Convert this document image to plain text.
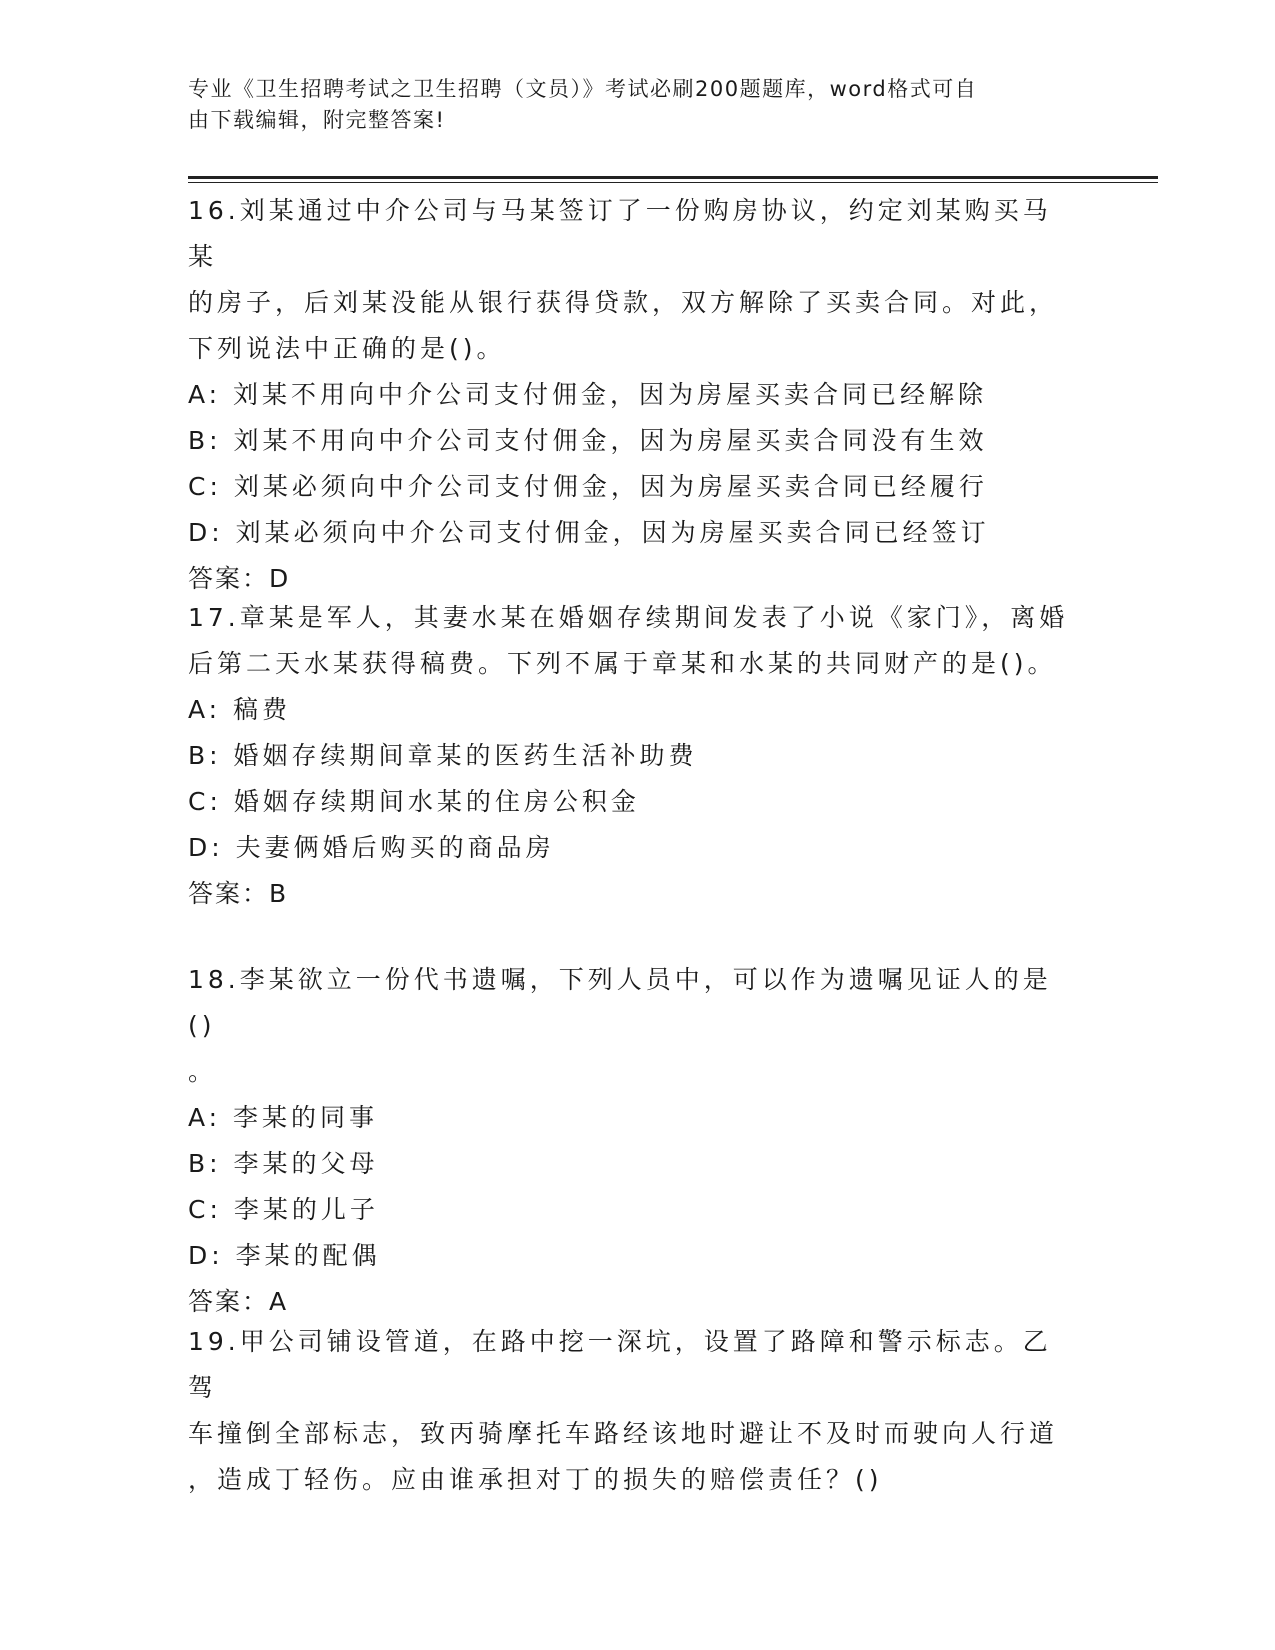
专业《卫生招聘考试之卫生招聘（文员）》考试必刷200题题库，word格式可自
由下载编辑，附完整答案!

16.刘某通过中介公司与马某签订了一份购房协议，约定刘某购买马某

的房子，后刘某没能从银行获得贷款，双方解除了买卖合同。对此，

下列说法中正确的是()。

A: 刘某不用向中介公司支付佣金，因为房屋买卖合同已经解除

B: 刘某不用向中介公司支付佣金，因为房屋买卖合同没有生效

C: 刘某必须向中介公司支付佣金，因为房屋买卖合同已经履行

D: 刘某必须向中介公司支付佣金，因为房屋买卖合同已经签订

答案：D

17.章某是军人，其妻水某在婚姻存续期间发表了小说《家门》，离婚

后第二天水某获得稿费。下列不属于章某和水某的共同财产的是()。

A: 稿费

B: 婚姻存续期间章某的医药生活补助费

C: 婚姻存续期间水某的住房公积金

D: 夫妻俩婚后购买的商品房

答案：B

18.李某欲立一份代书遗嘱，下列人员中，可以作为遗嘱见证人的是()

。

A: 李某的同事

B: 李某的父母

C: 李某的儿子

D: 李某的配偶

答案：A

19.甲公司铺设管道，在路中挖一深坑，设置了路障和警示标志。乙驾

车撞倒全部标志，致丙骑摩托车路经该地时避让不及时而驶向人行道

，造成丁轻伤。应由谁承担对丁的损失的赔偿责任？()
